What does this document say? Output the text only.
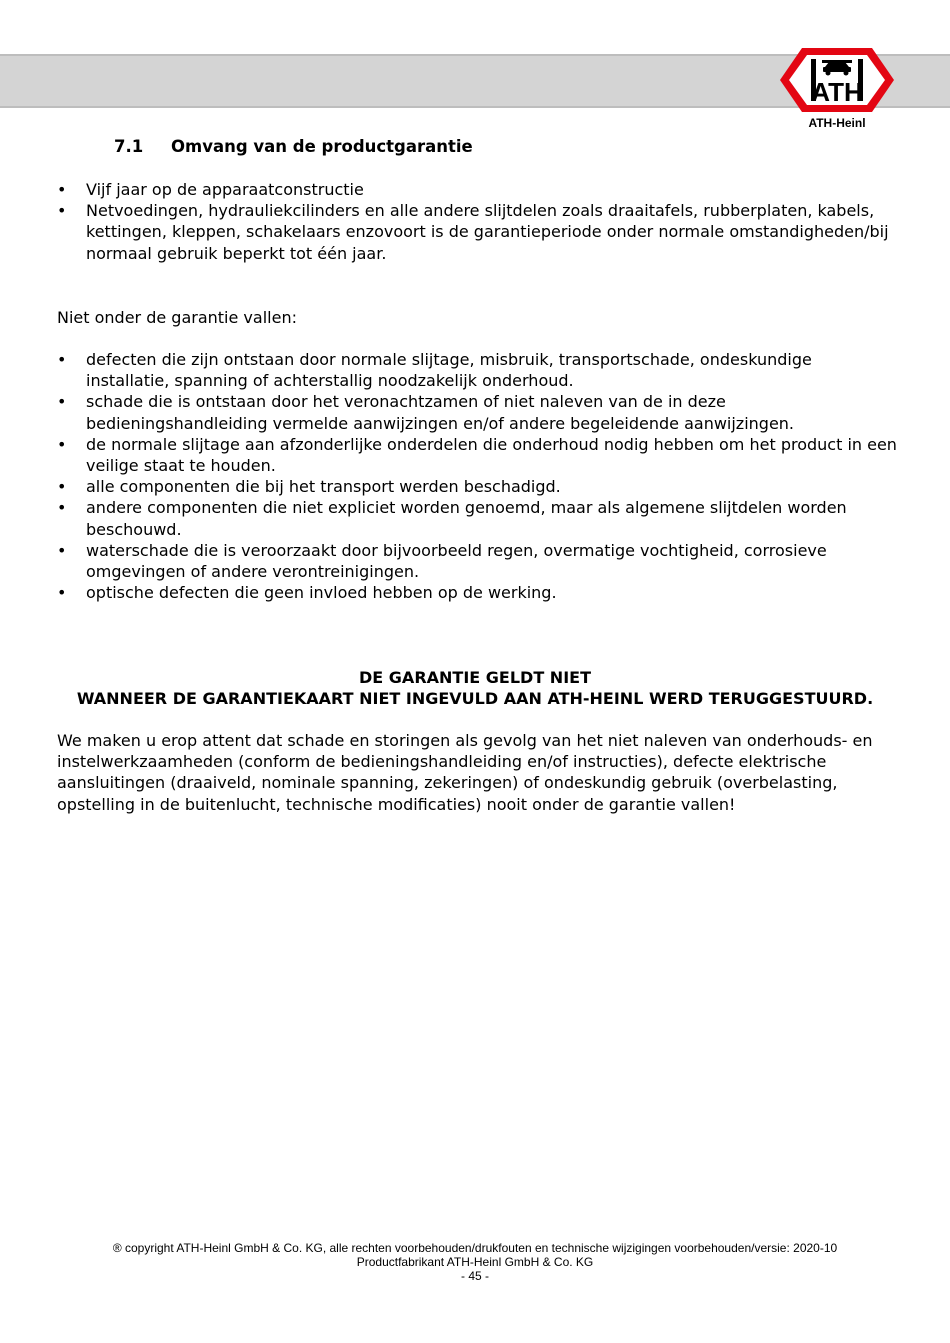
ATH
ATH-Heinl
7.1 Omvang van de productgarantie
• Vijf jaar op de apparaatconstructie
• Netvoedingen, hydrauliekcilinders en alle andere slijtdelen zoals draaitafels, rubberplaten, kabels, kettingen, kleppen, schakelaars enzovoort is de garantieperiode onder normale omstandigheden/bij normaal gebruik beperkt tot één jaar.

Niet onder de garantie vallen:

• defecten die zijn ontstaan door normale slijtage, misbruik, transportschade, ondeskundige installatie, spanning of achterstallig noodzakelijk onderhoud.
• schade die is ontstaan door het veronachtzamen of niet naleven van de in deze bedieningshandleiding vermelde aanwijzingen en/of andere begeleidende aanwijzingen.
• de normale slijtage aan afzonderlijke onderdelen die onderhoud nodig hebben om het product in een veilige staat te houden.
• alle componenten die bij het transport werden beschadigd.
• andere componenten die niet expliciet worden genoemd, maar als algemene slijtdelen worden beschouwd.
• waterschade die is veroorzaakt door bijvoorbeeld regen, overmatige vochtigheid, corrosieve omgevingen of andere verontreinigingen.
• optische defecten die geen invloed hebben op de werking.
DE GARANTIE GELDT NIET
WANNEER DE GARANTIEKAART NIET INGEVULD AAN ATH-HEINL WERD TERUGGESTUURD.

We maken u erop attent dat schade en storingen als gevolg van het niet naleven van onderhouds- en instelwerkzaamheden (conform de bedieningshandleiding en/of instructies), defecte elektrische aansluitingen (draaiveld, nominale spanning, zekeringen) of ondeskundig gebruik (overbelasting, opstelling in de buitenlucht, technische modificaties) nooit onder de garantie vallen!

® copyright ATH-Heinl GmbH & Co. KG, alle rechten voorbehouden/drukfouten en technische wijzigingen voorbehouden/versie: 2020-10
Productfabrikant ATH-Heinl GmbH & Co. KG
- 45 -
